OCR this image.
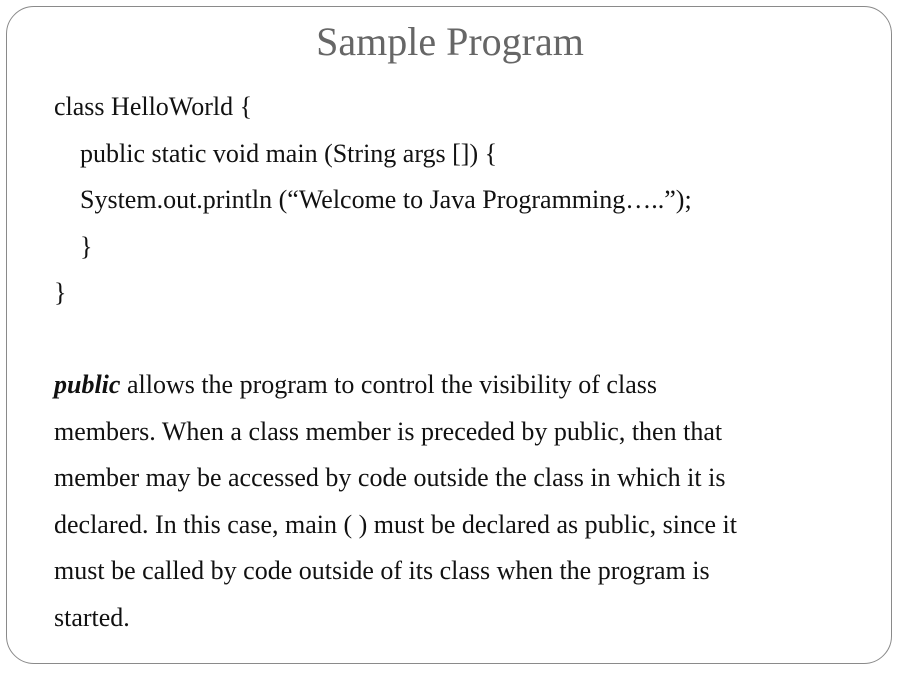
Sample Program
class HelloWorld {
public static void main (String args []) {
System.out.println (“Welcome to Java Programming…..”);
}
}
public allows the program to control the visibility of class
members. When a class member is preceded by public, then that
member may be accessed by code outside the class in which it is
declared. In this case, main ( ) must be declared as public, since it
must be called by code outside of its class when the program is
started.
